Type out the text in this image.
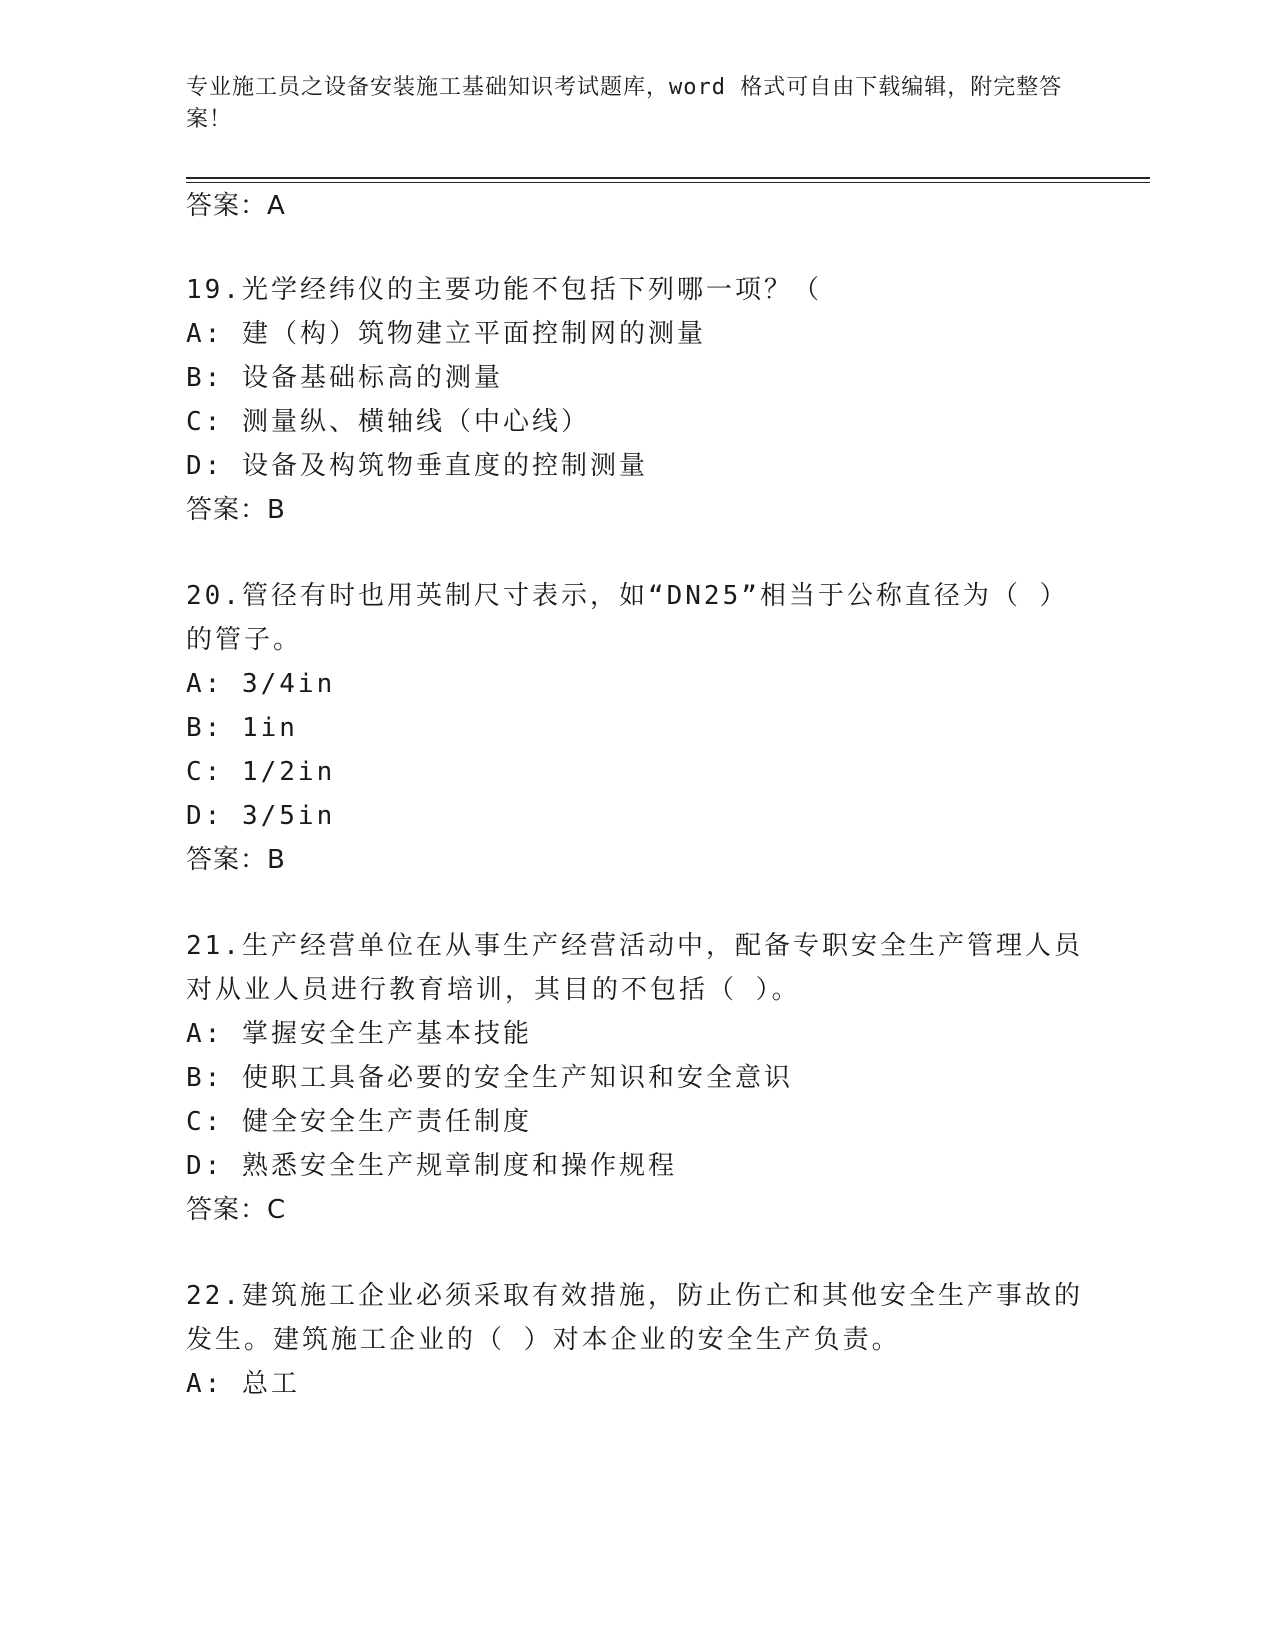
专业施工员之设备安装施工基础知识考试题库，word 格式可自由下载编辑，附完整答案！
答案：A
19.光学经纬仪的主要功能不包括下列哪一项？（
A: 建（构）筑物建立平面控制网的测量
B: 设备基础标高的测量
C: 测量纵、横轴线（中心线）
D: 设备及构筑物垂直度的控制测量
答案：B
20.管径有时也用英制尺寸表示，如“DN25”相当于公称直径为（ ）
的管子。
A: 3/4in
B: 1in
C: 1/2in
D: 3/5in
答案：B
21.生产经营单位在从事生产经营活动中，配备专职安全生产管理人员
对从业人员进行教育培训，其目的不包括（ ）。
A: 掌握安全生产基本技能
B: 使职工具备必要的安全生产知识和安全意识
C: 健全安全生产责任制度
D: 熟悉安全生产规章制度和操作规程
答案：C
22.建筑施工企业必须采取有效措施，防止伤亡和其他安全生产事故的
发生。建筑施工企业的（ ）对本企业的安全生产负责。
A: 总工
